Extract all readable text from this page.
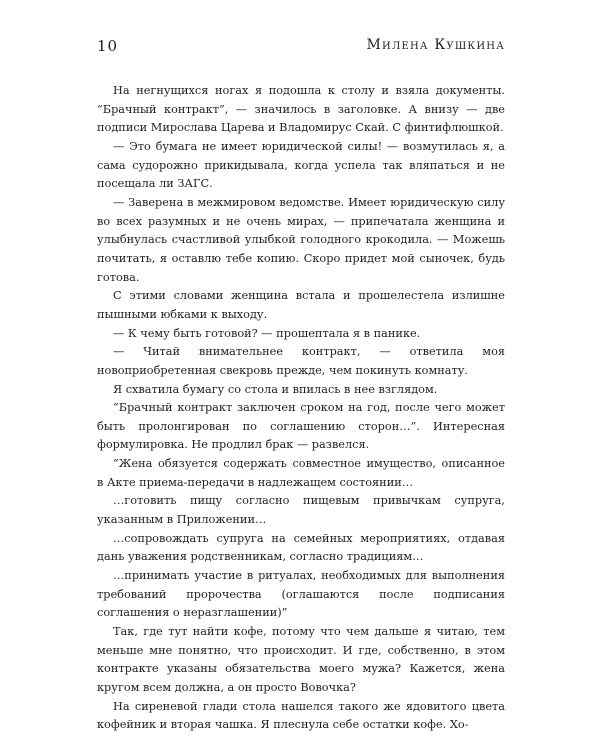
10	Милена Кушкина

На негнущихся ногах я подошла к столу и взяла документы. “Брачный контракт”, — значилось в заголовке. А внизу — две подписи Мирослава Царева и Владомирус Скай. С финтифлюшкой.

— Это бумага не имеет юридической силы! — возмутилась я, а сама судорожно прикидывала, когда успела так вляпаться и не посещала ли ЗАГС.

— Заверена в межмировом ведомстве. Имеет юридическую силу во всех разумных и не очень мирах, — припечатала женщина и улыбнулась счастливой улыбкой голодного крокодила. — Можешь почитать, я оставлю тебе копию. Скоро придет мой сыночек, будь готова.

С этими словами женщина встала и прошелестела излишне пышными юбками к выходу.

— К чему быть готовой? — прошептала я в панике.

— Читай внимательнее контракт, — ответила моя новоприобретенная свекровь прежде, чем покинуть комнату.

Я схватила бумагу со стола и впилась в нее взглядом.

“Брачный контракт заключен сроком на год, после чего может быть пролонгирован по соглашению сторон…”. Интересная формулировка. Не продлил брак — развелся.

“Жена обязуется содержать совместное имущество, описанное в Акте приема-передачи в надлежащем состоянии…

…готовить пищу согласно пищевым привычкам супруга, указанным в Приложении…

…сопровождать супруга на семейных мероприятиях, отдавая дань уважения родственникам, согласно традициям…

…принимать участие в ритуалах, необходимых для выполнения требований пророчества (оглашаются после подписания соглашения о неразглашении)”

Так, где тут найти кофе, потому что чем дальше я читаю, тем меньше мне понятно, что происходит. И где, собственно, в этом контракте указаны обязательства моего мужа? Кажется, жена кругом всем должна, а он просто Вовочка?

На сиреневой глади стола нашелся такого же ядовитого цвета кофейник и вторая чашка. Я плеснула себе остатки кофе. Хо-
